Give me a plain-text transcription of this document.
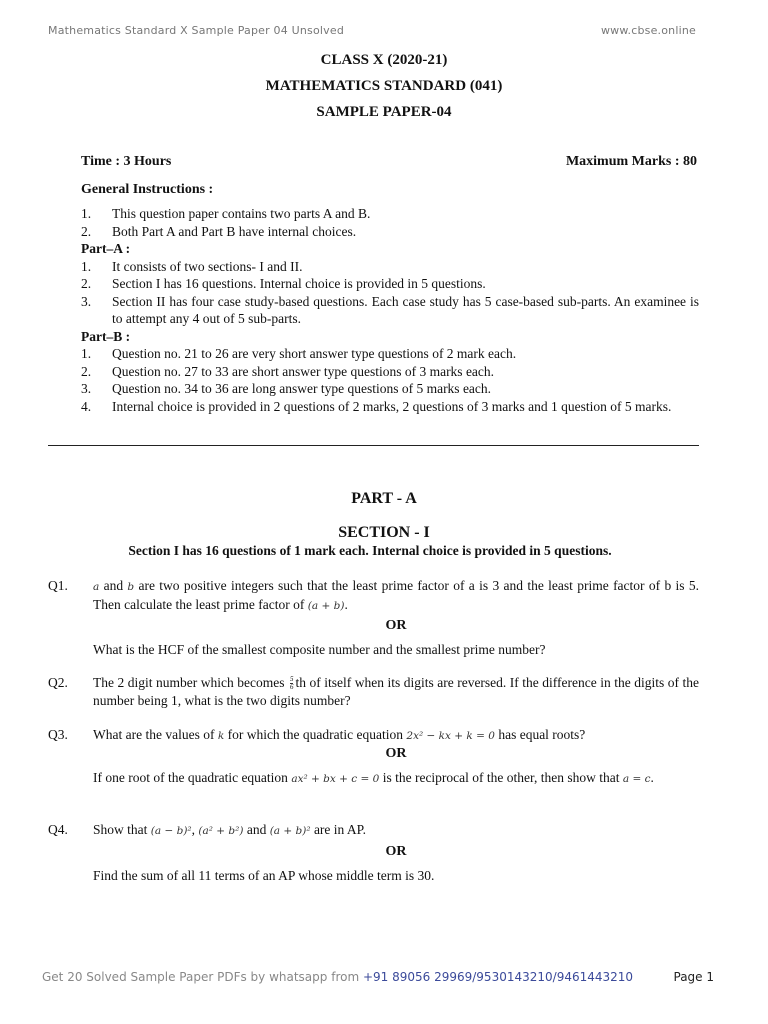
Mathematics Standard X Sample Paper 04 Unsolved	www.cbse.online
CLASS X (2020-21)
MATHEMATICS STANDARD (041)
SAMPLE PAPER-04
Time : 3 Hours	Maximum Marks : 80
General Instructions :
1.	This question paper contains two parts A and B.
2.	Both Part A and Part B have internal choices.
Part–A :
1.	It consists of two sections- I and II.
2.	Section I has 16 questions. Internal choice is provided in 5 questions.
3.	Section II has four case study-based questions. Each case study has 5 case-based sub-parts. An examinee is to attempt any 4 out of 5 sub-parts.
Part–B :
1.	Question no. 21 to 26 are very short answer type questions of 2 mark each.
2.	Question no. 27 to 33 are short answer type questions of 3 marks each.
3.	Question no. 34 to 36 are long answer type questions of 5 marks each.
4.	Internal choice is provided in 2 questions of 2 marks, 2 questions of 3 marks and 1 question of 5 marks.
PART - A
SECTION - I
Section I has 16 questions of 1 mark each. Internal choice is provided in 5 questions.
Q1.	a and b are two positive integers such that the least prime factor of a is 3 and the least prime factor of b is 5. Then calculate the least prime factor of (a + b).
OR
What is the HCF of the smallest composite number and the smallest prime number?
Q2.	The 2 digit number which becomes $\frac{5}{6}$ th of itself when its digits are reversed. If the difference in the digits of the number being 1, what is the two digits number?
Q3.	What are the values of k for which the quadratic equation 2x² − kx + k = 0 has equal roots?
OR
If one root of the quadratic equation ax² + bx + c = 0 is the reciprocal of the other, then show that a = c.
Q4.	Show that (a − b)², (a² + b²) and (a + b)² are in AP.
OR
Find the sum of all 11 terms of an AP whose middle term is 30.
Get 20 Solved Sample Paper PDFs by whatsapp from +91 89056 29969/9530143210/9461443210	Page 1
